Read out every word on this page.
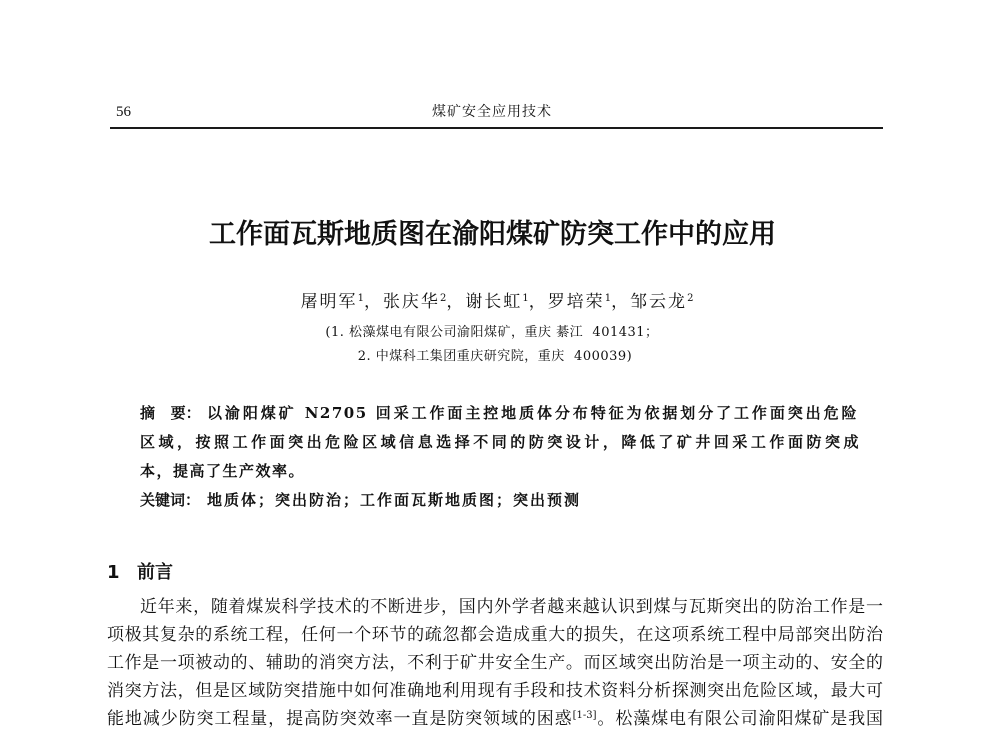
56	煤矿安全应用技术
工作面瓦斯地质图在渝阳煤矿防突工作中的应用
屠明军$^1$，张庆华$^2$，谢长虹$^1$，罗培荣$^1$，邹云龙$^2$
(1. 松藻煤电有限公司渝阳煤矿，重庆 綦江  401431；
2. 中煤科工集团重庆研究院，重庆  400039)
摘   要： 以渝阳煤矿 N2705 回采工作面主控地质体分布特征为依据划分了工作面突出危险
区域，按照工作面突出危险区域信息选择不同的防突设计，降低了矿井回采工作面防突成
本，提高了生产效率。
关键词： 地质体；突出防治；工作面瓦斯地质图；突出预测
1 前言
近年来，随着煤炭科学技术的不断进步，国内外学者越来越认识到煤与瓦斯突出的防治工作是一
项极其复杂的系统工程，任何一个环节的疏忽都会造成重大的损失，在这项系统工程中局部突出防治
工作是一项被动的、辅助的消突方法，不利于矿井安全生产。而区域突出防治是一项主动的、安全的
消突方法，但是区域防突措施中如何准确地利用现有手段和技术资料分析探测突出危险区域，最大可
能地减少防突工程量，提高防突效率一直是防突领域的困惑[1-3]。松藻煤电有限公司渝阳煤矿是我国
